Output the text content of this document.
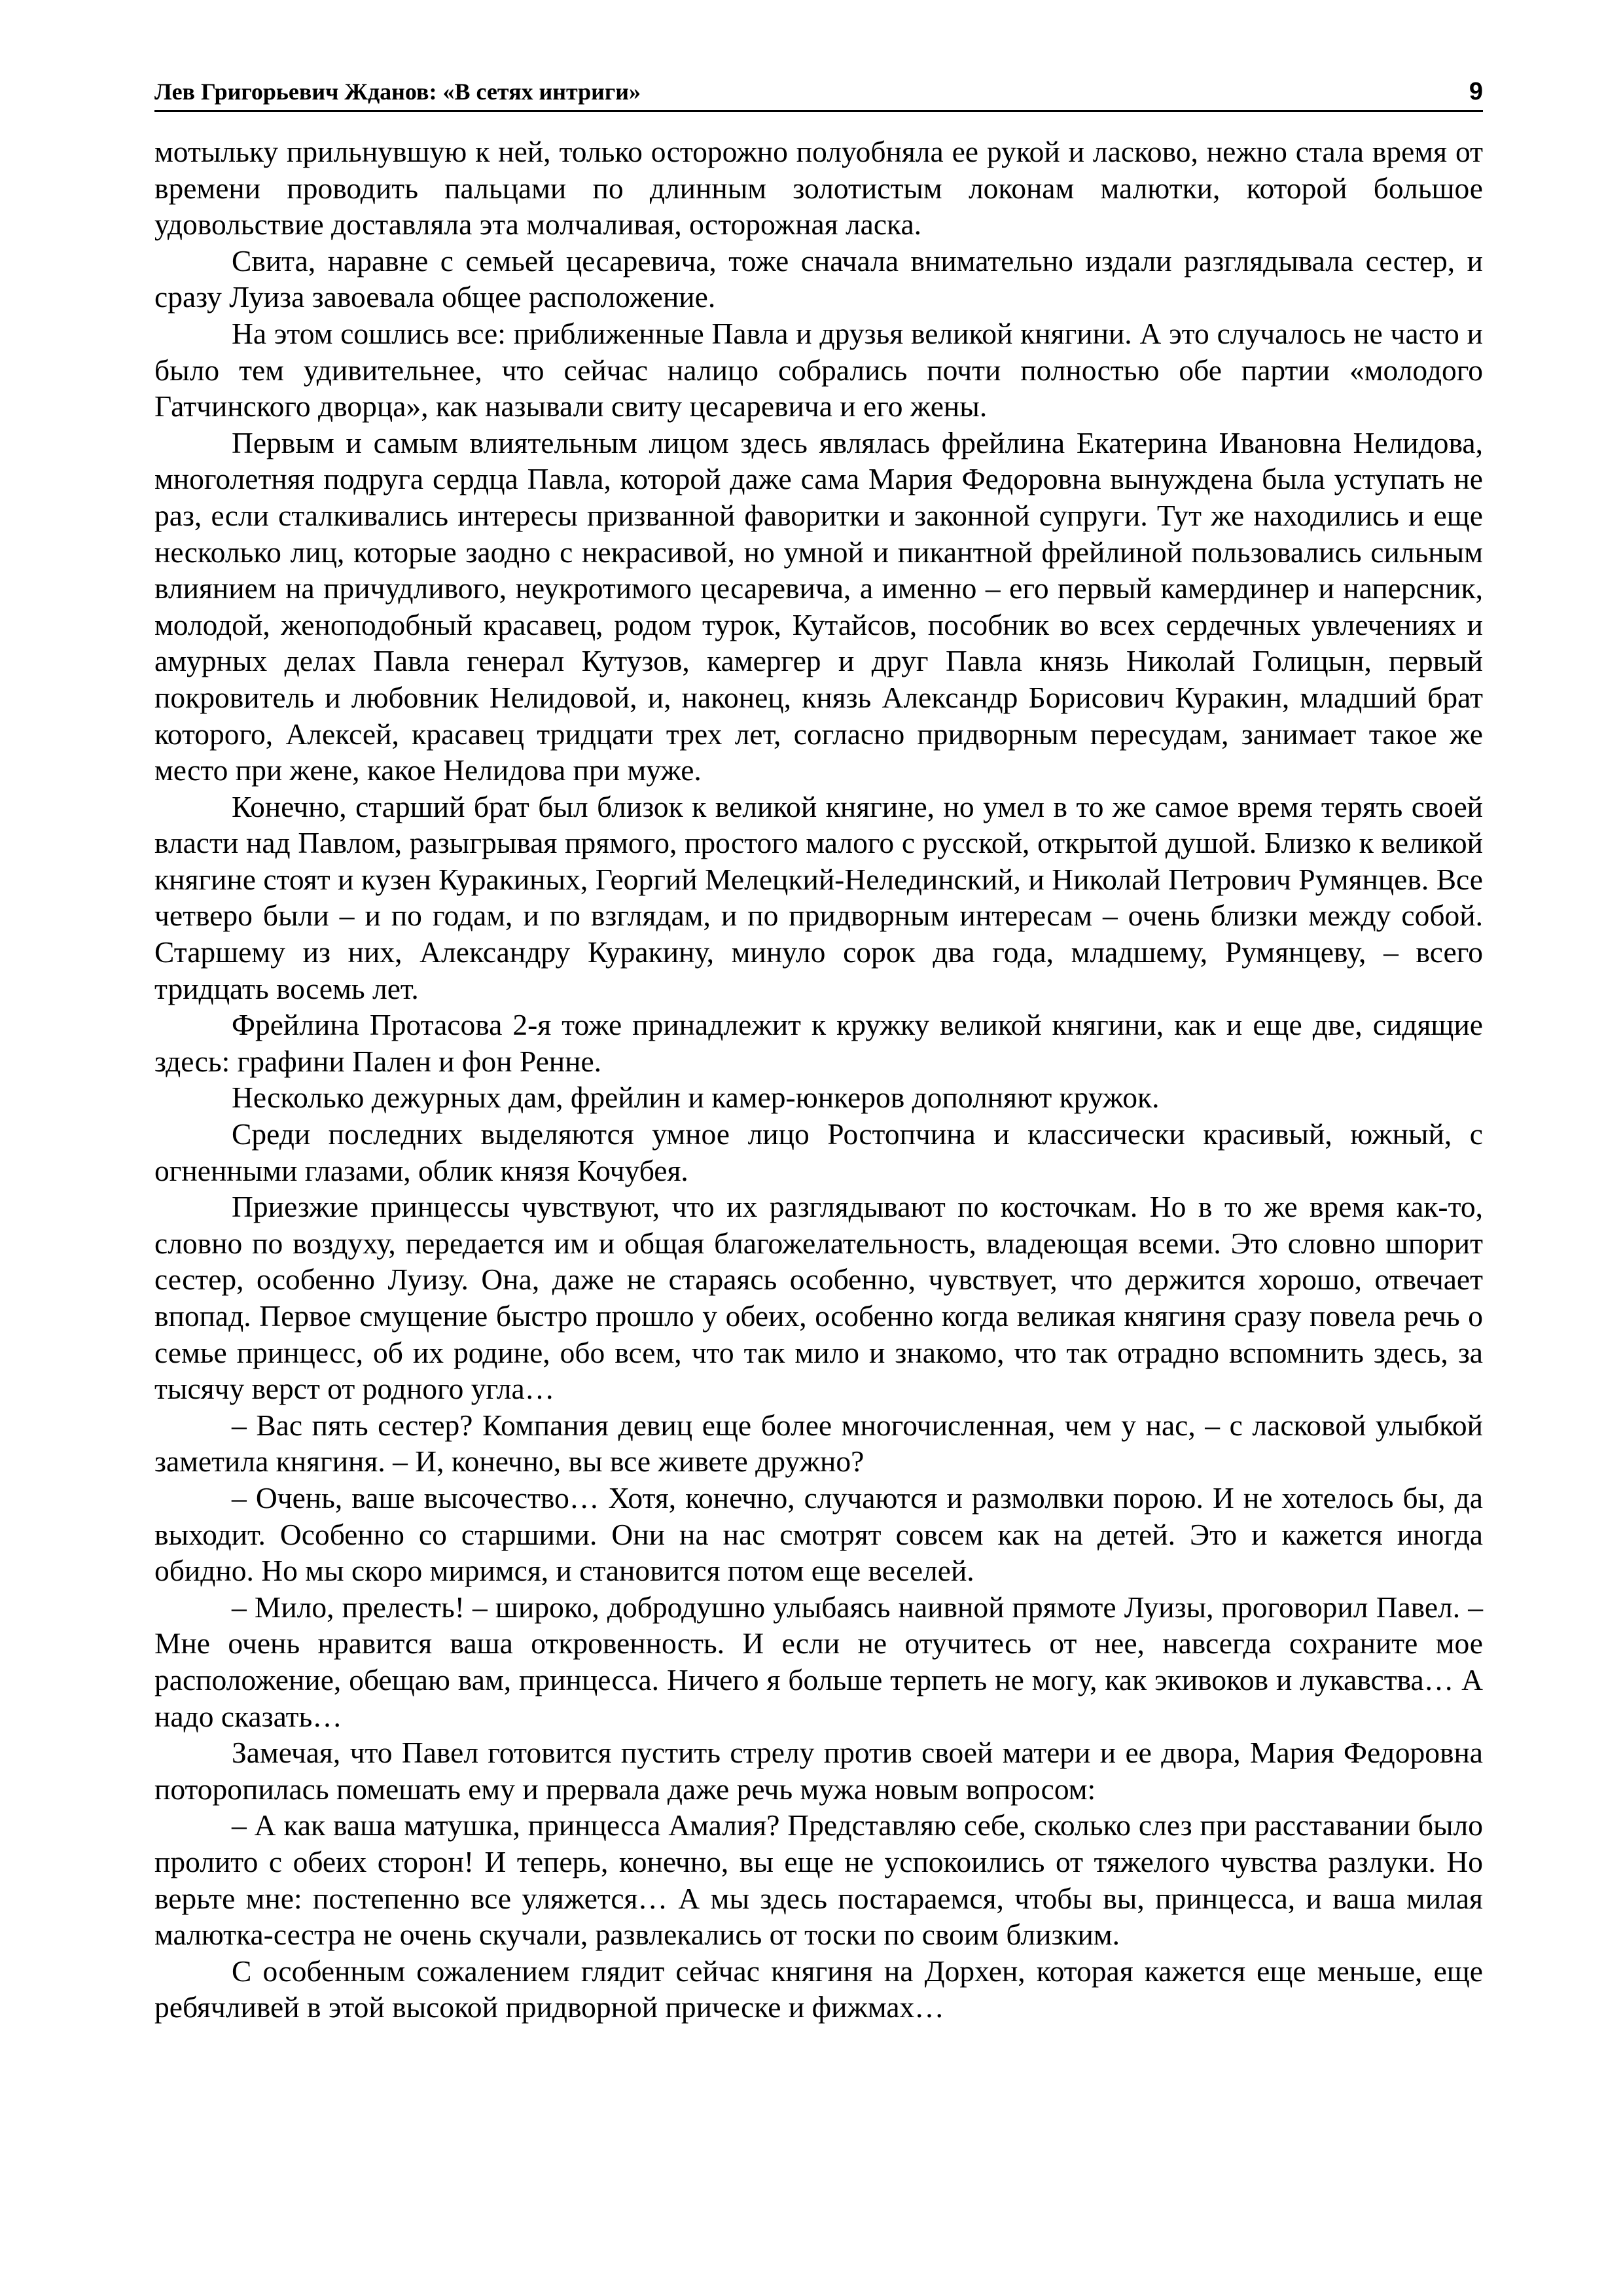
Лев Григорьевич Жданов: «В сетях интриги»	9

мотыльку прильнувшую к ней, только осторожно полуобняла ее рукой и ласково, нежно стала время от времени проводить пальцами по длинным золотистым локонам малютки, которой большое удовольствие доставляла эта молчаливая, осторожная ласка.

Свита, наравне с семьей цесаревича, тоже сначала внимательно издали разглядывала сестер, и сразу Луиза завоевала общее расположение.

На этом сошлись все: приближенные Павла и друзья великой княгини. А это случалось не часто и было тем удивительнее, что сейчас налицо собрались почти полностью обе партии «молодого Гатчинского дворца», как называли свиту цесаревича и его жены.

Первым и самым влиятельным лицом здесь являлась фрейлина Екатерина Ивановна Нелидова, многолетняя подруга сердца Павла, которой даже сама Мария Федоровна вынуждена была уступать не раз, если сталкивались интересы призванной фаворитки и законной супруги. Тут же находились и еще несколько лиц, которые заодно с некрасивой, но умной и пикантной фрейлиной пользовались сильным влиянием на причудливого, неукротимого цесаревича, а именно – его первый камердинер и наперсник, молодой, женоподобный красавец, родом турок, Кутайсов, пособник во всех сердечных увлечениях и амурных делах Павла генерал Кутузов, камергер и друг Павла князь Николай Голицын, первый покровитель и любовник Нелидовой, и, наконец, князь Александр Борисович Куракин, младший брат которого, Алексей, красавец тридцати трех лет, согласно придворным пересудам, занимает такое же место при жене, какое Нелидова при муже.

Конечно, старший брат был близок к великой княгине, но умел в то же самое время терять своей власти над Павлом, разыгрывая прямого, простого малого с русской, открытой душой. Близко к великой княгине стоят и кузен Куракиных, Георгий Мелецкий-Нелединский, и Николай Петрович Румянцев. Все четверо были – и по годам, и по взглядам, и по придворным интересам – очень близки между собой. Старшему из них, Александру Куракину, минуло сорок два года, младшему, Румянцеву, – всего тридцать восемь лет.

Фрейлина Протасова 2-я тоже принадлежит к кружку великой княгини, как и еще две, сидящие здесь: графини Пален и фон Ренне.

Несколько дежурных дам, фрейлин и камер-юнкеров дополняют кружок.

Среди последних выделяются умное лицо Ростопчина и классически красивый, южный, с огненными глазами, облик князя Кочубея.

Приезжие принцессы чувствуют, что их разглядывают по косточкам. Но в то же время как-то, словно по воздуху, передается им и общая благожелательность, владеющая всеми. Это словно шпорит сестер, особенно Луизу. Она, даже не стараясь особенно, чувствует, что держится хорошо, отвечает впопад. Первое смущение быстро прошло у обеих, особенно когда великая княгиня сразу повела речь о семье принцесс, об их родине, обо всем, что так мило и знакомо, что так отрадно вспомнить здесь, за тысячу верст от родного угла…

– Вас пять сестер? Компания девиц еще более многочисленная, чем у нас, – с ласковой улыбкой заметила княгиня. – И, конечно, вы все живете дружно?

– Очень, ваше высочество… Хотя, конечно, случаются и размолвки порою. И не хотелось бы, да выходит. Особенно со старшими. Они на нас смотрят совсем как на детей. Это и кажется иногда обидно. Но мы скоро миримся, и становится потом еще веселей.

– Мило, прелесть! – широко, добродушно улыбаясь наивной прямоте Луизы, проговорил Павел. – Мне очень нравится ваша откровенность. И если не отучитесь от нее, навсегда сохраните мое расположение, обещаю вам, принцесса. Ничего я больше терпеть не могу, как экивоков и лукавства… А надо сказать…

Замечая, что Павел готовится пустить стрелу против своей матери и ее двора, Мария Федоровна поторопилась помешать ему и прервала даже речь мужа новым вопросом:

– А как ваша матушка, принцесса Амалия? Представляю себе, сколько слез при расставании было пролито с обеих сторон! И теперь, конечно, вы еще не успокоились от тяжелого чувства разлуки. Но верьте мне: постепенно все уляжется… А мы здесь постараемся, чтобы вы, принцесса, и ваша милая малютка-сестра не очень скучали, развлекались от тоски по своим близким.

С особенным сожалением глядит сейчас княгиня на Дорхен, которая кажется еще меньше, еще ребячливей в этой высокой придворной прическе и фижмах…
